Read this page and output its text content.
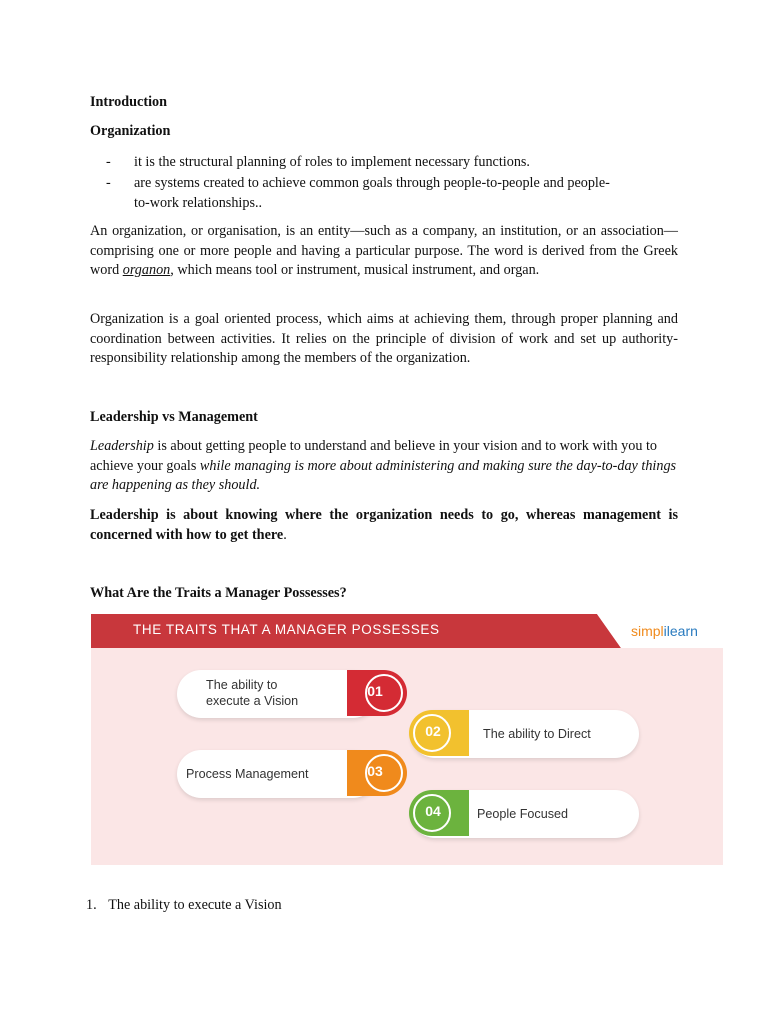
Introduction

Organization

- it is the structural planning of roles to implement necessary functions.
- are systems created to achieve common goals through people-to-people and people-
to-work relationships..

An organization, or organisation, is an entity—such as a company, an institution, or an association—comprising one or more people and having a particular purpose. The word is derived from the Greek word organon, which means tool or instrument, musical instrument, and organ.

Organization is a goal oriented process, which aims at achieving them, through proper planning and coordination between activities. It relies on the principle of division of work and set up authority-responsibility relationship among the members of the organization.

Leadership vs Management

Leadership is about getting people to understand and believe in your vision and to work with you to achieve your goals while managing is more about administering and making sure the day-to-day things are happening as they should.

Leadership is about knowing where the organization needs to go, whereas management is concerned with how to get there.

What Are the Traits a Manager Possesses?

THE TRAITS THAT A MANAGER POSSESSES	simplilearn
The ability to
execute a Vision
01
02	The ability to Direct
Process Management	03
04	People Focused
1. The ability to execute a Vision
